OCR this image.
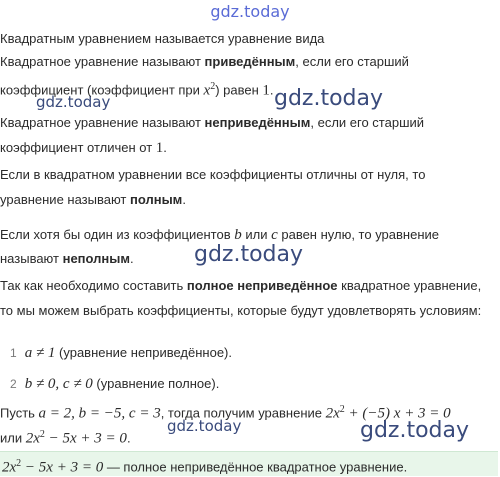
gdz.today
gdz.today	gdz.today
gdz.today
gdz.today	gdz.today
Квадратным уравнением называется уравнение вида
Квадратное уравнение называют приведённым, если его старший
коэффициент (коэффициент при $x^2$) равен 1.
Квадратное уравнение называют неприведённым, если его старший
коэффициент отличен от 1.
Если в квадратном уравнении все коэффициенты отличны от нуля, то
уравнение называют полным.
Если хотя бы один из коэффициентов b или c равен нулю, то уравнение
называют неполным.
Так как необходимо составить полное неприведённое квадратное уравнение,
то мы можем выбрать коэффициенты, которые будут удовлетворять условиям:
1 a ≠ 1 (уравнение неприведённое).
2 b ≠ 0, c ≠ 0 (уравнение полное).
Пусть a = 2, b = −5, c = 3, тогда получим уравнение $2x^2 + (-5) x + 3 = 0$
или $2x^2 - 5x + 3 = 0$.
$2x^2 - 5x + 3 = 0$ — полное неприведённое квадратное уравнение.
